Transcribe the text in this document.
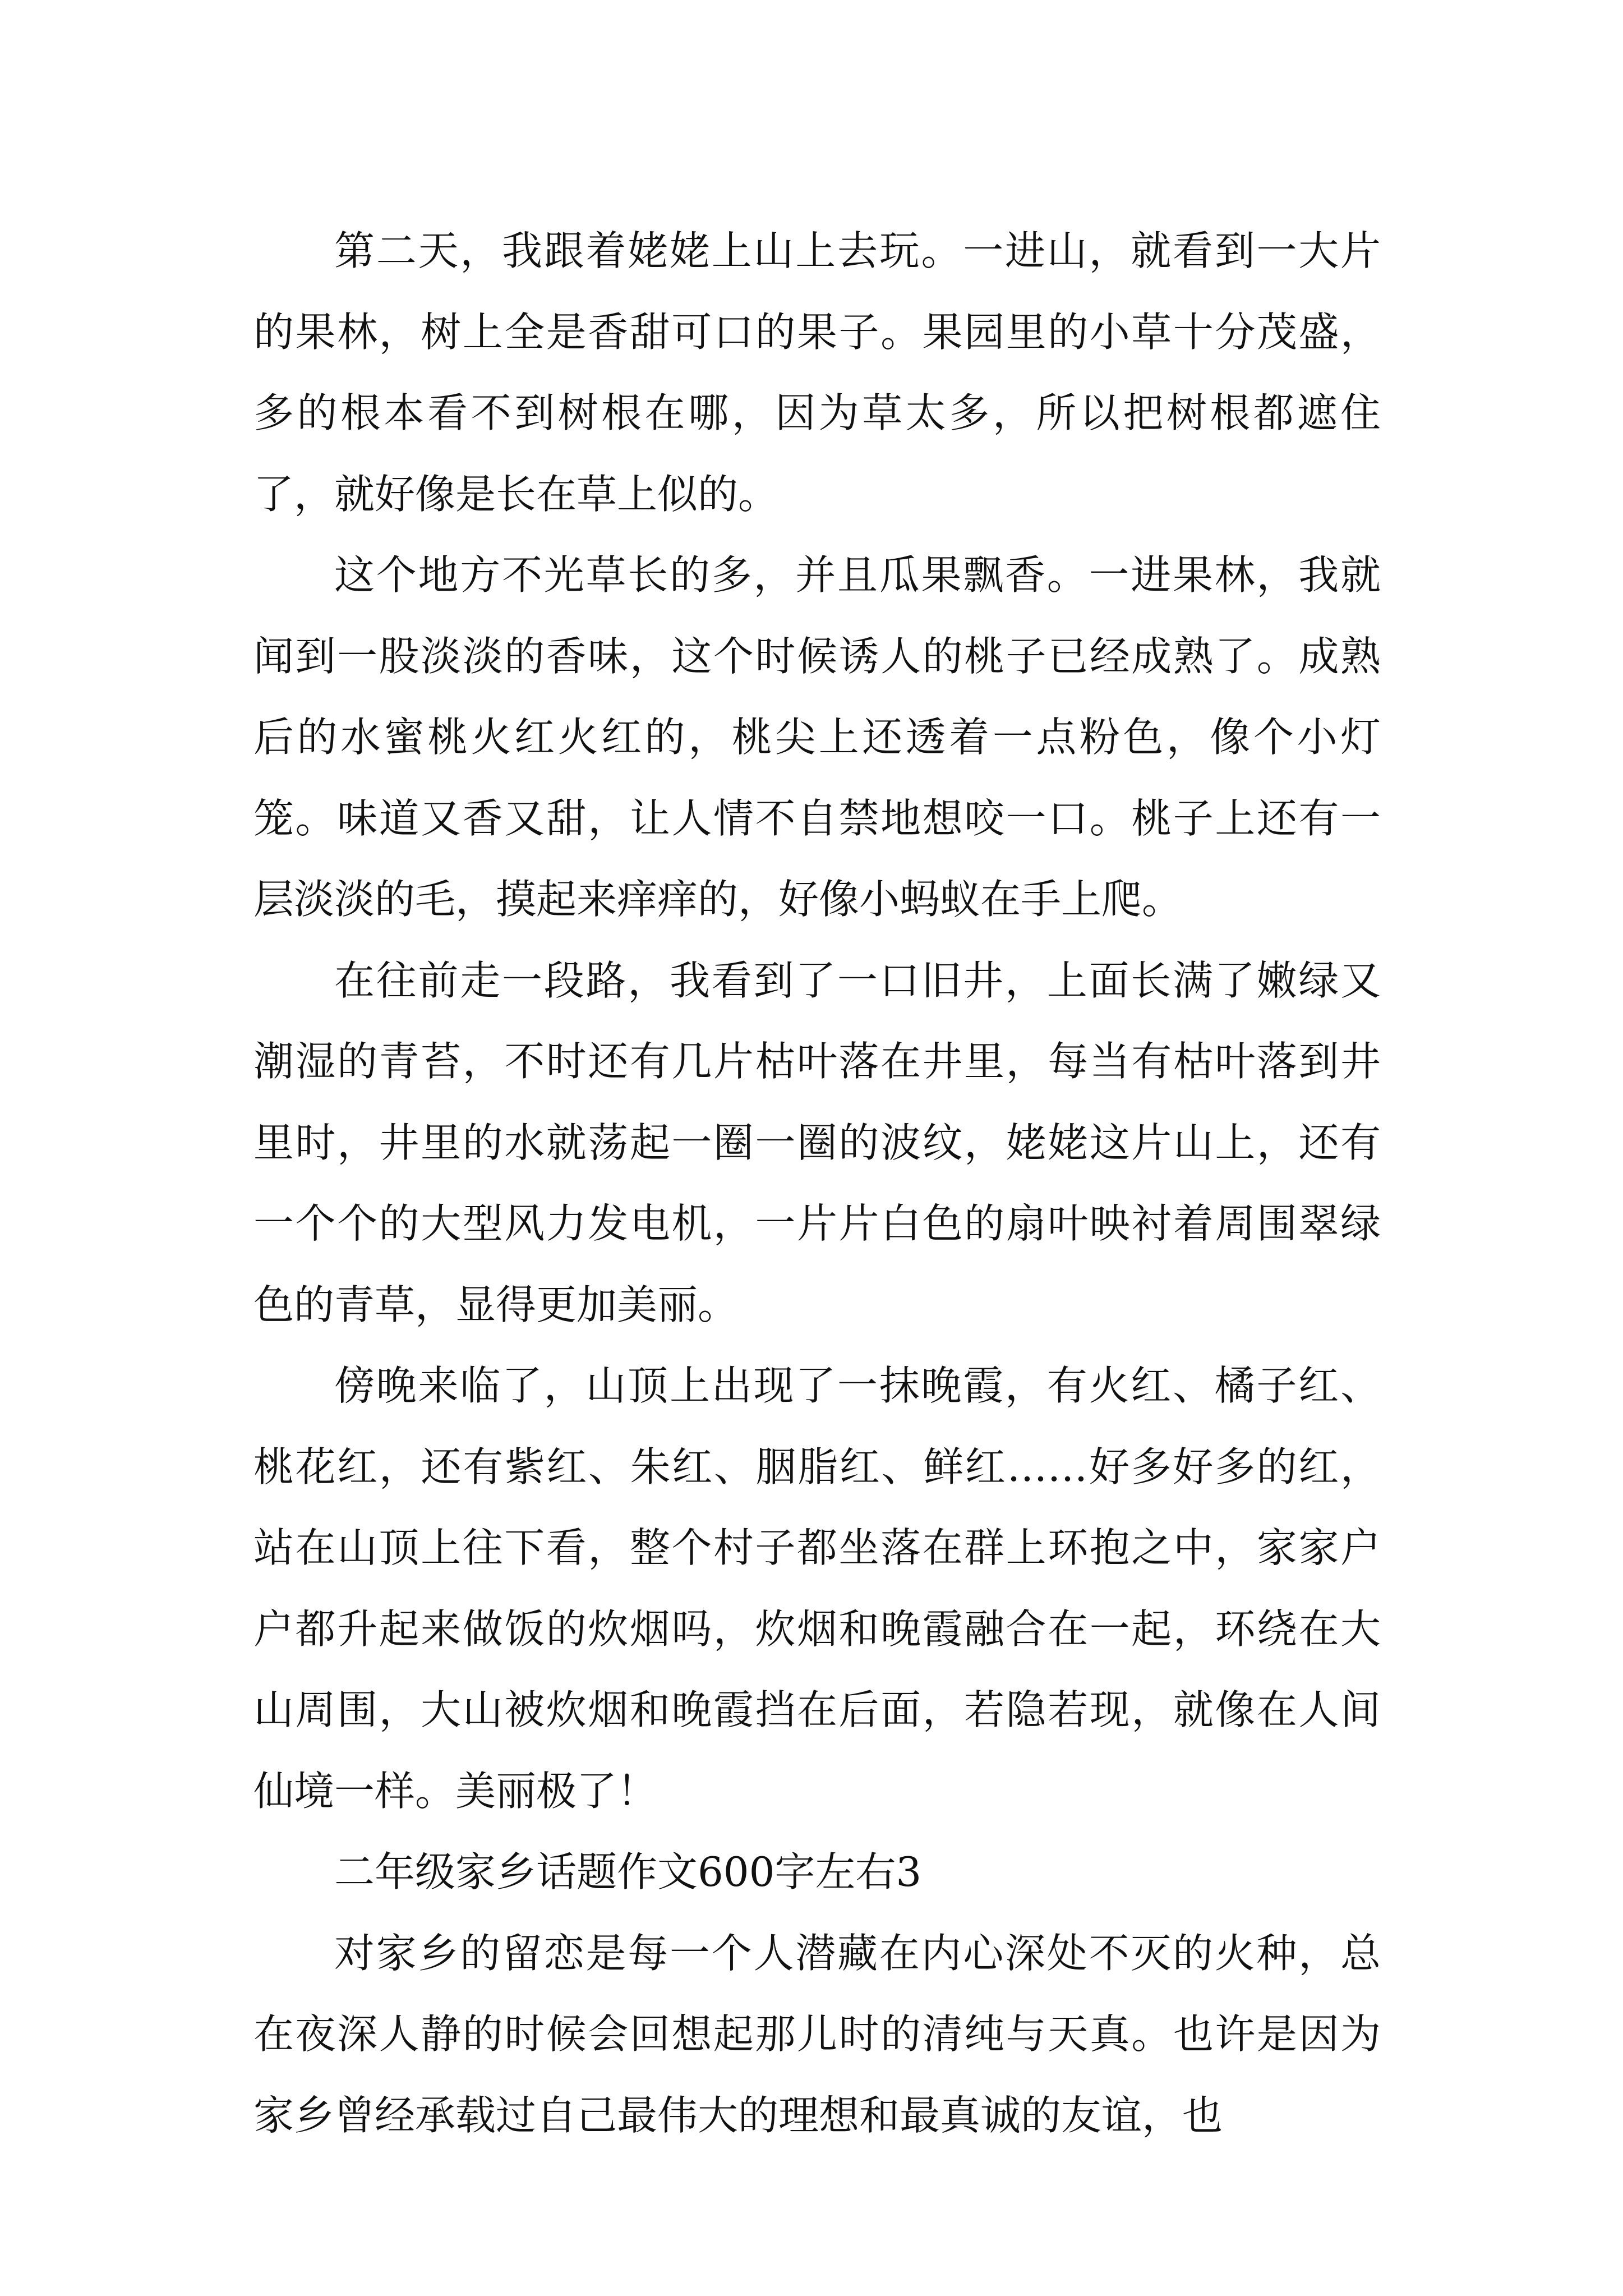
第二天，我跟着姥姥上山上去玩。一进山，就看到一大片的果林，树上全是香甜可口的果子。果园里的小草十分茂盛，多的根本看不到树根在哪，因为草太多，所以把树根都遮住了，就好像是长在草上似的。

这个地方不光草长的多，并且瓜果飘香。一进果林，我就闻到一股淡淡的香味，这个时候诱人的桃子已经成熟了。成熟后的水蜜桃火红火红的，桃尖上还透着一点粉色，像个小灯笼。味道又香又甜，让人情不自禁地想咬一口。桃子上还有一层淡淡的毛，摸起来痒痒的，好像小蚂蚁在手上爬。

在往前走一段路，我看到了一口旧井，上面长满了嫩绿又潮湿的青苔，不时还有几片枯叶落在井里，每当有枯叶落到井里时，井里的水就荡起一圈一圈的波纹，姥姥这片山上，还有一个个的大型风力发电机，一片片白色的扇叶映衬着周围翠绿色的青草，显得更加美丽。

傍晚来临了，山顶上出现了一抹晚霞，有火红、橘子红、桃花红，还有紫红、朱红、胭脂红、鲜红……好多好多的红，站在山顶上往下看，整个村子都坐落在群上环抱之中，家家户户都升起来做饭的炊烟吗，炊烟和晚霞融合在一起，环绕在大山周围，大山被炊烟和晚霞挡在后面，若隐若现，就像在人间仙境一样。美丽极了！

二年级家乡话题作文600字左右3

对家乡的留恋是每一个人潜藏在内心深处不灭的火种，总在夜深人静的时候会回想起那儿时的清纯与天真。也许是因为家乡曾经承载过自己最伟大的理想和最真诚的友谊，也
